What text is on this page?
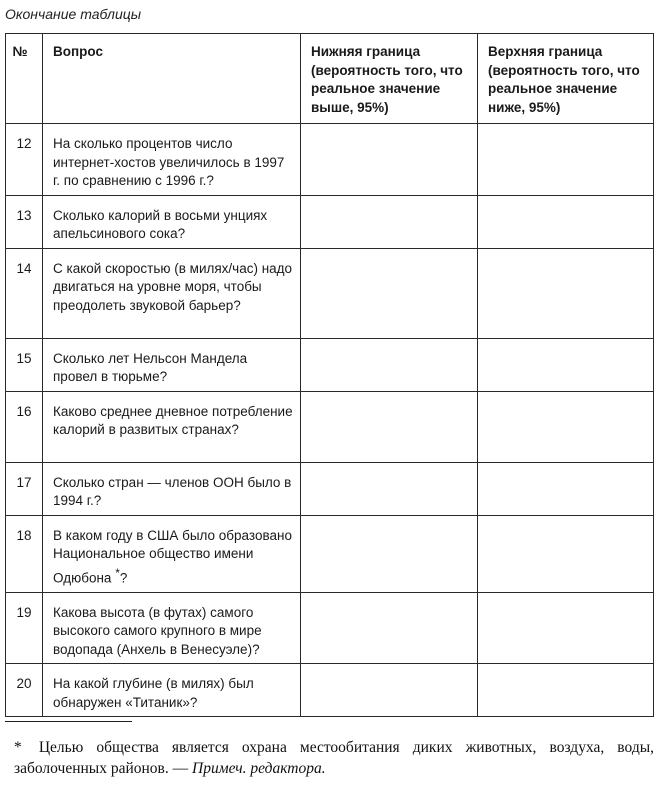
Окончание таблицы
№	Вопрос	Нижняя граница (вероятность того, что реальное значение выше, 95%)	Верхняя граница (вероятность того, что реальное значение ниже, 95%)
12	На сколько процентов число интернет-хостов увеличилось в 1997 г. по сравнению с 1996 г.?		
13	Сколько калорий в восьми унциях апельсинового сока?		
14	С какой скоростью (в милях/час) надо двигаться на уровне моря, чтобы преодолеть звуковой барьер?		
15	Сколько лет Нельсон Мандела провел в тюрьме?		
16	Каково среднее дневное потребление калорий в развитых странах?		
17	Сколько стран — членов ООН было в 1994 г.?		
18	В каком году в США было образовано Национальное общество имени Одюбона *?		
19	Какова высота (в футах) самого высокого самого крупного в мире водопада (Анхель в Венесуэле)?		
20	На какой глубине (в милях) был обнаружен «Титаник»?		
* Целью общества является охрана местообитания диких животных, воздуха, воды, заболоченных районов. — Примеч. редактора.
